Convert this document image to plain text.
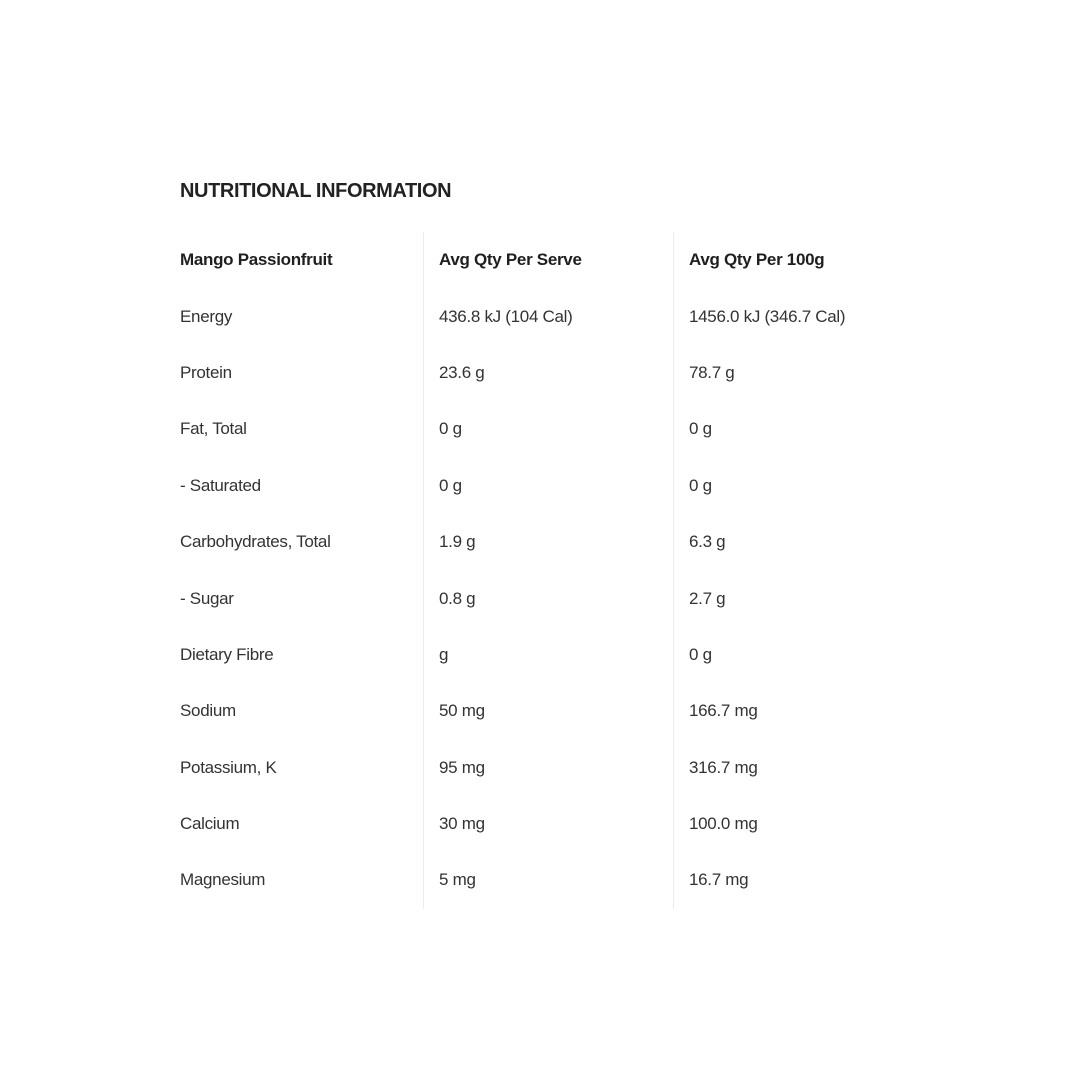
NUTRITIONAL INFORMATION
Mango Passionfruit	Avg Qty Per Serve	Avg Qty Per 100g
Energy	436.8 kJ (104 Cal)	1456.0 kJ (346.7 Cal)
Protein	23.6 g	78.7 g
Fat, Total	0 g	0 g
- Saturated	0 g	0 g
Carbohydrates, Total	1.9 g	6.3 g
- Sugar	0.8 g	2.7 g
Dietary Fibre	g	0 g
Sodium	50 mg	166.7 mg
Potassium, K	95 mg	316.7 mg
Calcium	30 mg	100.0 mg
Magnesium	5 mg	16.7 mg
